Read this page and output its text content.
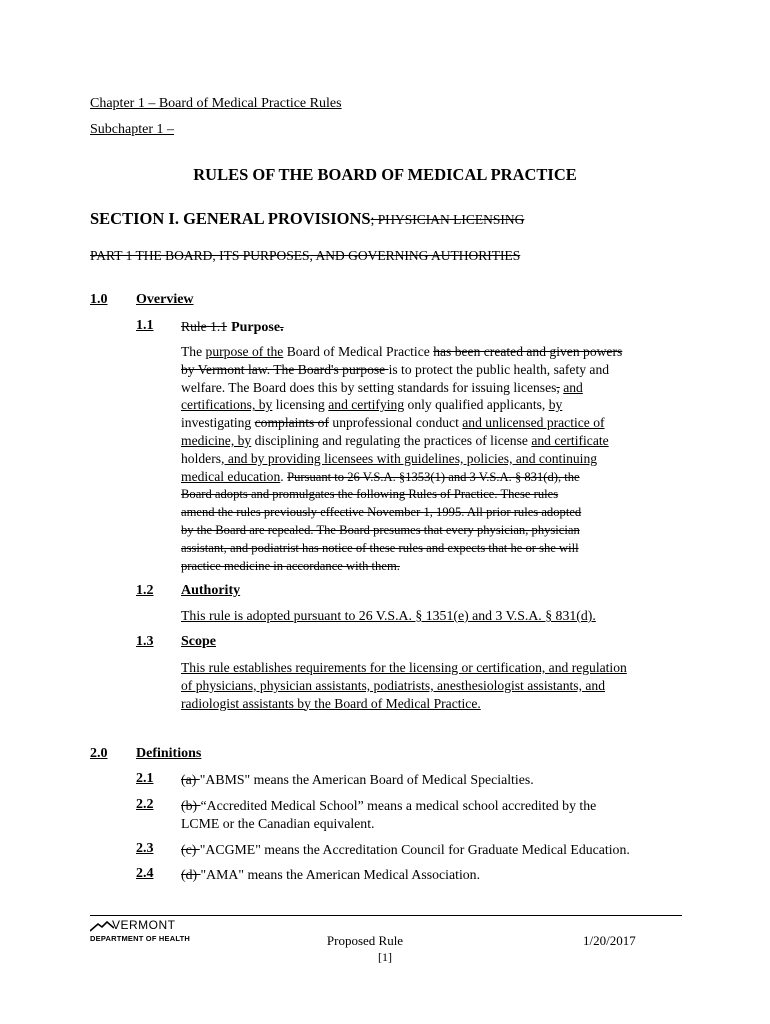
Chapter 1 – Board of Medical Practice Rules
Subchapter 1 –
RULES OF THE BOARD OF MEDICAL PRACTICE
SECTION I. GENERAL PROVISIONS; PHYSICIAN LICENSING
PART 1 THE BOARD, ITS PURPOSES, AND GOVERNING AUTHORITIES
1.0 Overview
1.1 Rule 1.1 Purpose.
The purpose of the Board of Medical Practice has been created and given powers
by Vermont law. The Board's purpose is to protect the public health, safety and
welfare. The Board does this by setting standards for issuing licenses, and
certifications, by licensing and certifying only qualified applicants, by
investigating complaints of unprofessional conduct and unlicensed practice of
medicine, by disciplining and regulating the practices of license and certificate
holders, and by providing licensees with guidelines, policies, and continuing
medical education. Pursuant to 26 V.S.A. §1353(1) and 3 V.S.A. § 831(d), the
Board adopts and promulgates the following Rules of Practice. These rules
amend the rules previously effective November 1, 1995. All prior rules adopted
by the Board are repealed. The Board presumes that every physician, physician
assistant, and podiatrist has notice of these rules and expects that he or she will
practice medicine in accordance with them.
1.2 Authority
This rule is adopted pursuant to 26 V.S.A. § 1351(e) and 3 V.S.A. § 831(d).
1.3 Scope
This rule establishes requirements for the licensing or certification, and regulation
of physicians, physician assistants, podiatrists, anesthesiologist assistants, and
radiologist assistants by the Board of Medical Practice.
2.0 Definitions
2.1 (a) "ABMS" means the American Board of Medical Specialties.
2.2 (b) “Accredited Medical School” means a medical school accredited by the
LCME or the Canadian equivalent.
2.3 (c) "ACGME" means the Accreditation Council for Graduate Medical Education.
2.4 (d) "AMA" means the American Medical Association.
VERMONT
DEPARTMENT OF HEALTH	Proposed Rule
[1]
1/20/2017
